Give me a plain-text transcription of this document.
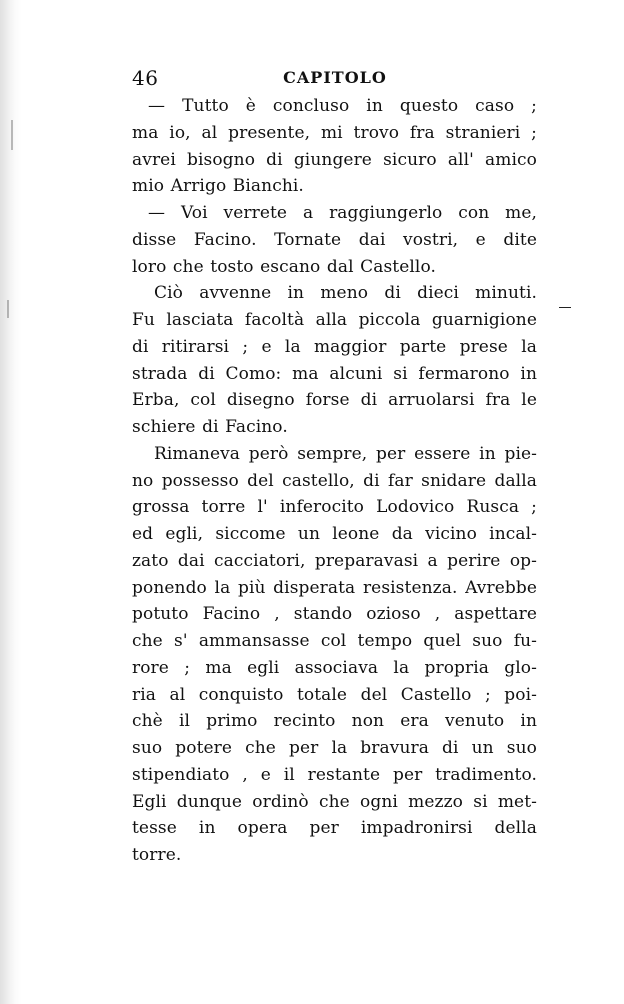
46	CAPITOLO
— Tutto è concluso in questo caso ;
ma io, al presente, mi trovo fra stranieri ;
avrei bisogno di giungere sicuro all' amico
mio Arrigo Bianchi.
— Voi verrete a raggiungerlo con me,
disse Facino. Tornate dai vostri, e dite
loro che tosto escano dal Castello.
Ciò avvenne in meno di dieci minuti.
Fu lasciata facoltà alla piccola guarnigione
di ritirarsi ; e la maggior parte prese la
strada di Como: ma alcuni si fermarono in
Erba, col disegno forse di arruolarsi fra le
schiere di Facino.
Rimaneva però sempre, per essere in pie-
no possesso del castello, di far snidare dalla
grossa torre l' inferocito Lodovico Rusca ;
ed egli, siccome un leone da vicino incal-
zato dai cacciatori, preparavasi a perire op-
ponendo la più disperata resistenza. Avrebbe
potuto Facino , stando ozioso , aspettare
che s' ammansasse col tempo quel suo fu-
rore ; ma egli associava la propria glo-
ria al conquisto totale del Castello ; poi-
chè il primo recinto non era venuto in
suo potere che per la bravura di un suo
stipendiato , e il restante per tradimento.
Egli dunque ordinò che ogni mezzo si met-
tesse in opera per impadronirsi della
torre.
